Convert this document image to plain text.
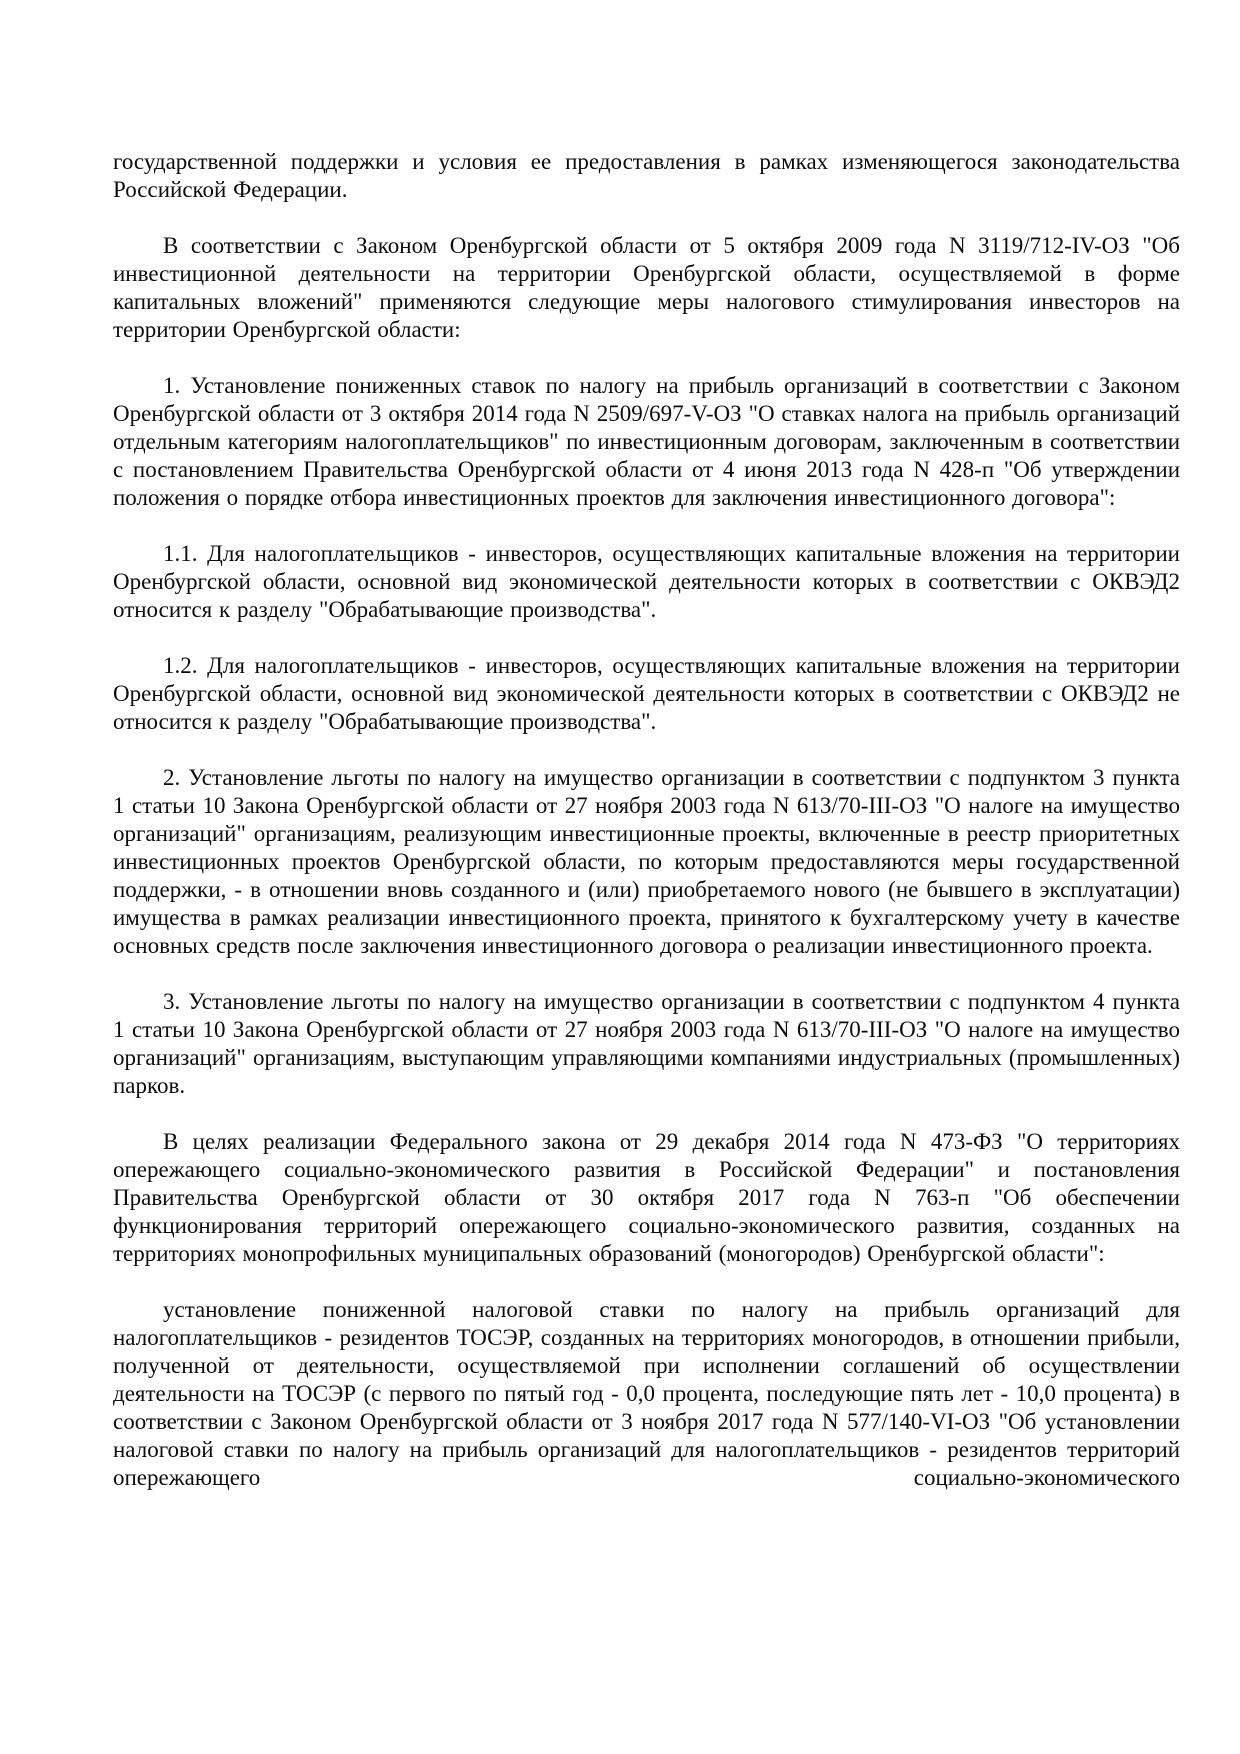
государственной поддержки и условия ее предоставления в рамках изменяющегося законодательства Российской Федерации.

В соответствии с Законом Оренбургской области от 5 октября 2009 года N 3119/712-IV-ОЗ "Об инвестиционной деятельности на территории Оренбургской области, осуществляемой в форме капитальных вложений" применяются следующие меры налогового стимулирования инвесторов на территории Оренбургской области:

1. Установление пониженных ставок по налогу на прибыль организаций в соответствии с Законом Оренбургской области от 3 октября 2014 года N 2509/697-V-ОЗ "О ставках налога на прибыль организаций отдельным категориям налогоплательщиков" по инвестиционным договорам, заключенным в соответствии с постановлением Правительства Оренбургской области от 4 июня 2013 года N 428-п "Об утверждении положения о порядке отбора инвестиционных проектов для заключения инвестиционного договора":

1.1. Для налогоплательщиков - инвесторов, осуществляющих капитальные вложения на территории Оренбургской области, основной вид экономической деятельности которых в соответствии с ОКВЭД2 относится к разделу "Обрабатывающие производства".

1.2. Для налогоплательщиков - инвесторов, осуществляющих капитальные вложения на территории Оренбургской области, основной вид экономической деятельности которых в соответствии с ОКВЭД2 не относится к разделу "Обрабатывающие производства".

2. Установление льготы по налогу на имущество организации в соответствии с подпунктом 3 пункта 1 статьи 10 Закона Оренбургской области от 27 ноября 2003 года N 613/70-III-ОЗ "О налоге на имущество организаций" организациям, реализующим инвестиционные проекты, включенные в реестр приоритетных инвестиционных проектов Оренбургской области, по которым предоставляются меры государственной поддержки, - в отношении вновь созданного и (или) приобретаемого нового (не бывшего в эксплуатации) имущества в рамках реализации инвестиционного проекта, принятого к бухгалтерскому учету в качестве основных средств после заключения инвестиционного договора о реализации инвестиционного проекта.

3. Установление льготы по налогу на имущество организации в соответствии с подпунктом 4 пункта 1 статьи 10 Закона Оренбургской области от 27 ноября 2003 года N 613/70-III-ОЗ "О налоге на имущество организаций" организациям, выступающим управляющими компаниями индустриальных (промышленных) парков.

В целях реализации Федерального закона от 29 декабря 2014 года N 473-ФЗ "О территориях опережающего социально-экономического развития в Российской Федерации" и постановления Правительства Оренбургской области от 30 октября 2017 года N 763-п "Об обеспечении функционирования территорий опережающего социально-экономического развития, созданных на территориях монопрофильных муниципальных образований (моногородов) Оренбургской области":

установление пониженной налоговой ставки по налогу на прибыль организаций для налогоплательщиков - резидентов ТОСЭР, созданных на территориях моногородов, в отношении прибыли, полученной от деятельности, осуществляемой при исполнении соглашений об осуществлении деятельности на ТОСЭР (с первого по пятый год - 0,0 процента, последующие пять лет - 10,0 процента) в соответствии с Законом Оренбургской области от 3 ноября 2017 года N 577/140-VI-ОЗ "Об установлении налоговой ставки по налогу на прибыль организаций для налогоплательщиков - резидентов территорий опережающего социально-экономического
